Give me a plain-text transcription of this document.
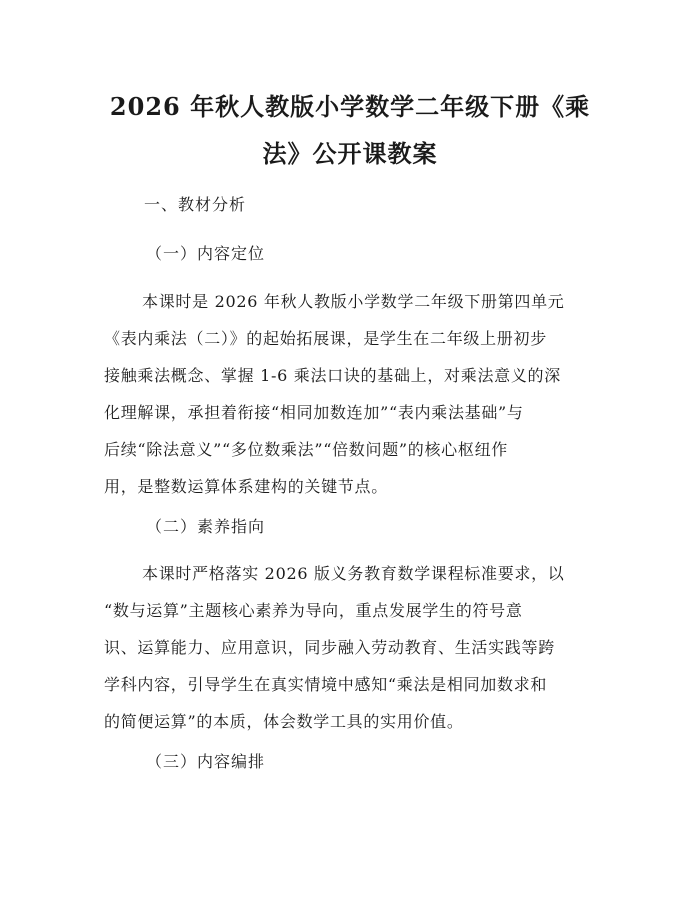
2026 年秋人教版小学数学二年级下册《乘
法》公开课教案
一、教材分析
（一）内容定位
本课时是 2026 年秋人教版小学数学二年级下册第四单元
《表内乘法（二）》的起始拓展课，是学生在二年级上册初步
接触乘法概念、掌握 1-6 乘法口诀的基础上，对乘法意义的深
化理解课，承担着衔接“相同加数连加”“表内乘法基础”与
后续“除法意义”“多位数乘法”“倍数问题”的核心枢纽作
用，是整数运算体系建构的关键节点。
（二）素养指向
本课时严格落实 2026 版义务教育数学课程标准要求，以
“数与运算”主题核心素养为导向，重点发展学生的符号意
识、运算能力、应用意识，同步融入劳动教育、生活实践等跨
学科内容，引导学生在真实情境中感知“乘法是相同加数求和
的简便运算”的本质，体会数学工具的实用价值。
（三）内容编排
